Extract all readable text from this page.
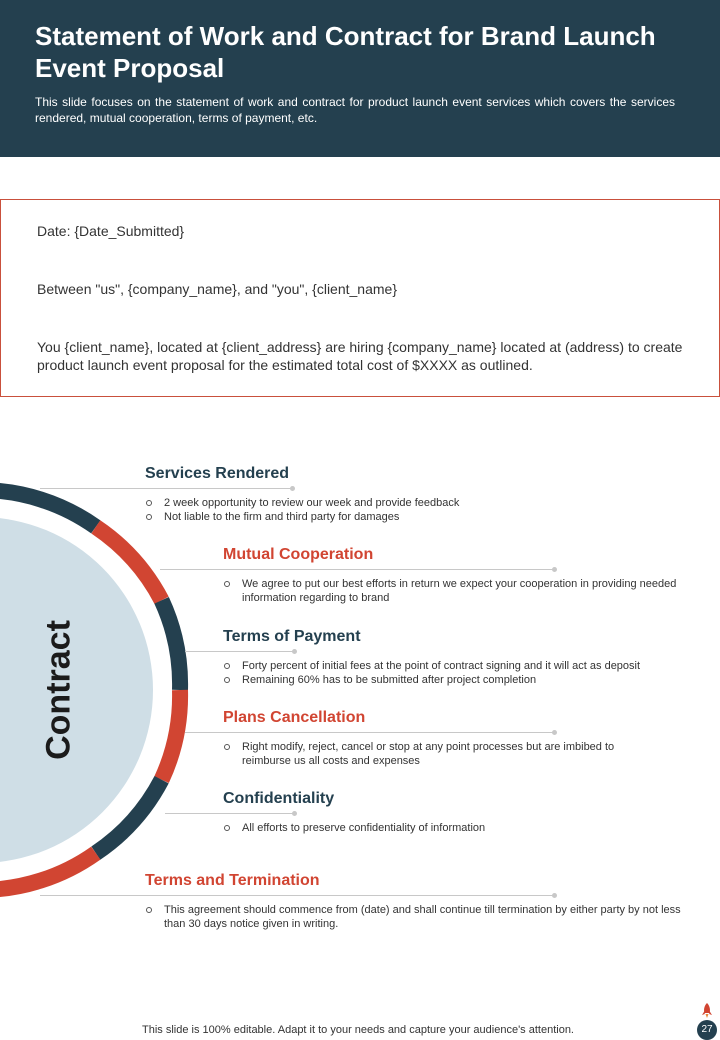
Statement of Work and Contract for Brand Launch Event Proposal
This slide focuses on the statement of work and contract for product launch event services which covers the services rendered, mutual cooperation, terms of payment, etc.

Date: {Date_Submitted}

Between "us", {company_name}, and "you", {client_name}

You {client_name}, located at {client_address} are hiring {company_name} located at (address) to create product launch event proposal for the estimated total cost of $XXXX as outlined.

Contract
Services Rendered
2 week opportunity to review our week and provide feedback
Not liable to the firm and third party for damages
Mutual Cooperation
We agree to put our best efforts in return we expect your cooperation in providing needed information regarding to brand
Terms of Payment
Forty percent of initial fees at the point of contract signing and it will act as deposit
Remaining 60% has to be submitted after project completion
Plans Cancellation
Right modify, reject, cancel or stop at any point processes but are imbibed to reimburse us all costs and expenses
Confidentiality
All efforts to preserve confidentiality of information
Terms and Termination
This agreement should commence from (date) and shall continue till termination by either party by not less than 30 days notice given in writing.
This slide is 100% editable. Adapt it to your needs and capture your audience's attention.	27
